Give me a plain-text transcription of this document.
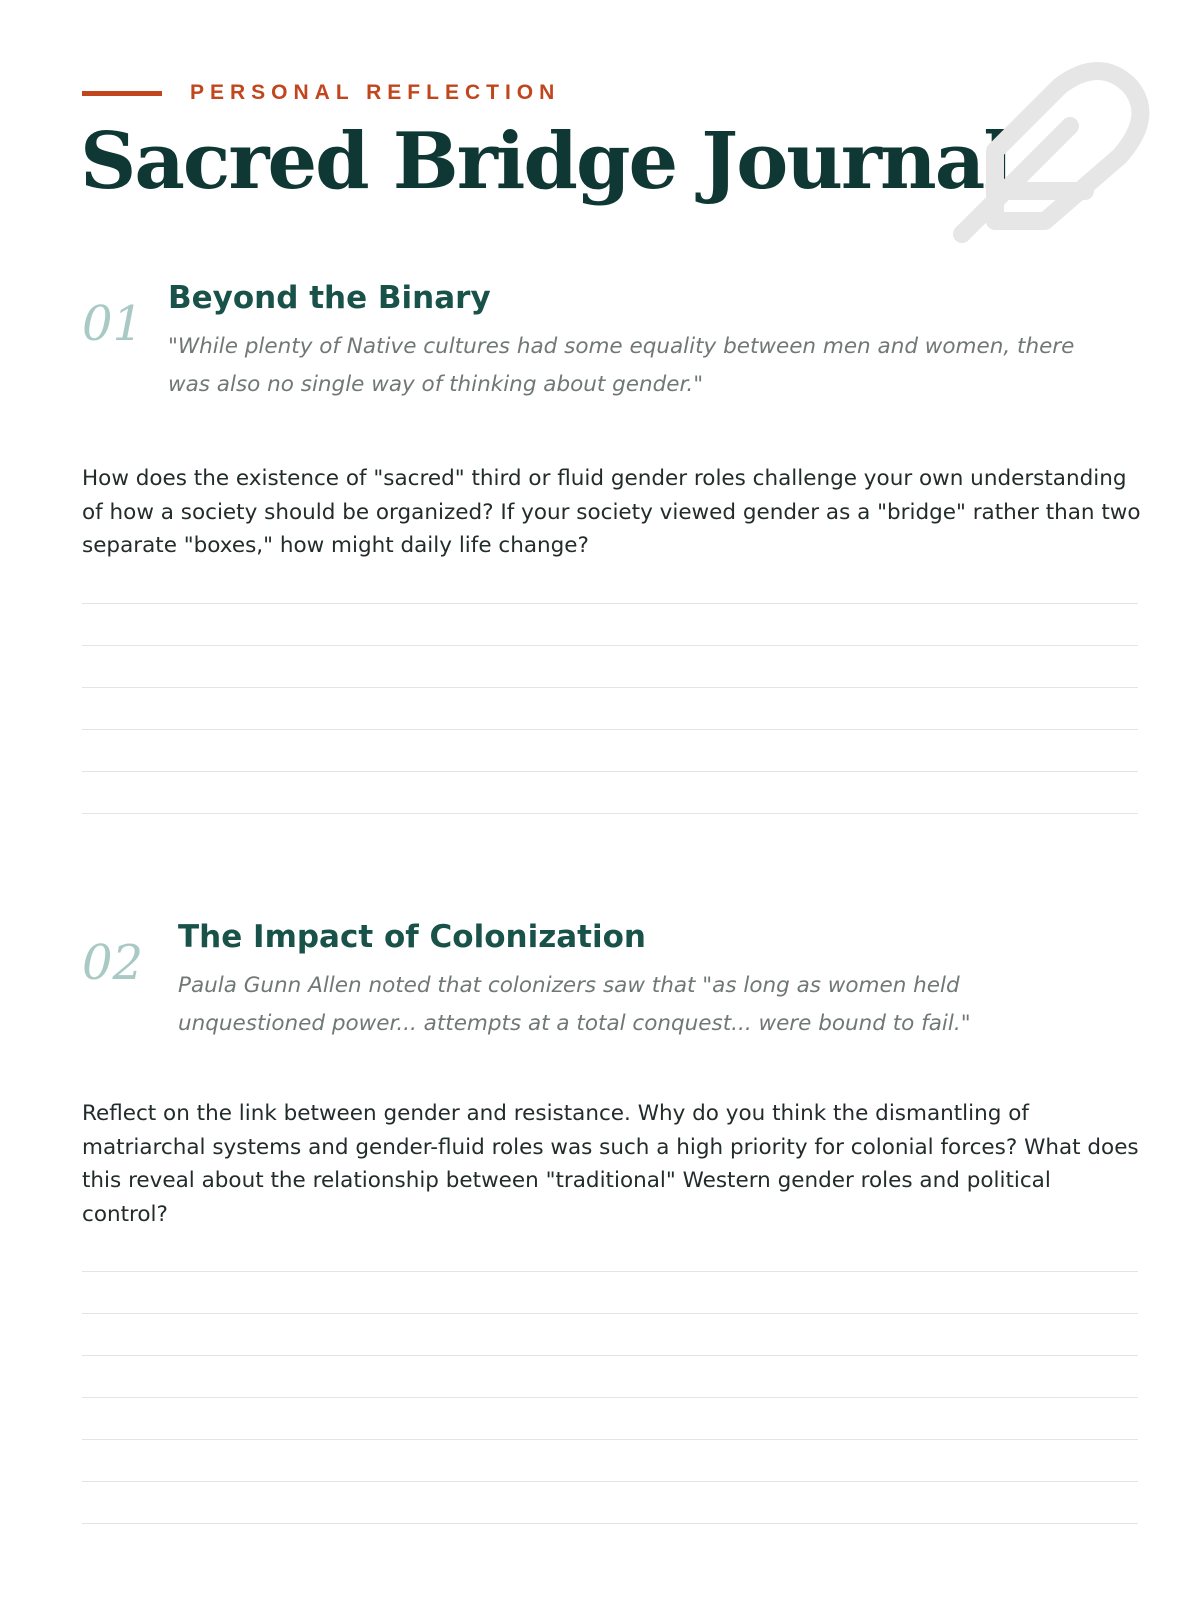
PERSONAL REFLECTION
Sacred Bridge Journal
01 Beyond the Binary

"While plenty of Native cultures had some equality between men and women, there was also no single way of thinking about gender."

How does the existence of "sacred" third or fluid gender roles challenge your own understanding of how a society should be organized? If your society viewed gender as a "bridge" rather than two separate "boxes," how might daily life change?

02	The Impact of Colonization

Paula Gunn Allen noted that colonizers saw that "as long as women held unquestioned power... attempts at a total conquest... were bound to fail."

Reflect on the link between gender and resistance. Why do you think the dismantling of matriarchal systems and gender-fluid roles was such a high priority for colonial forces? What does this reveal about the relationship between "traditional" Western gender roles and political control?
